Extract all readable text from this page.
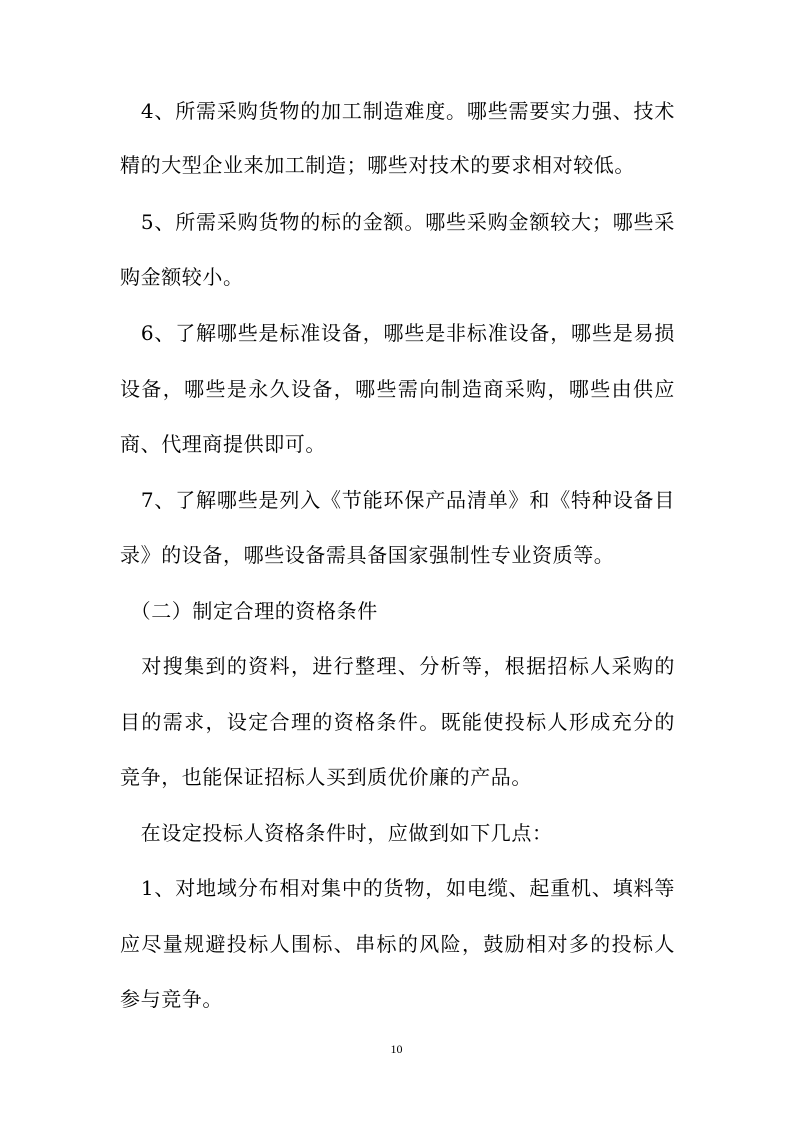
　4、所需采购货物的加工制造难度。哪些需要实力强、技术
精的大型企业来加工制造；哪些对技术的要求相对较低。
　5、所需采购货物的标的金额。哪些采购金额较大；哪些采
购金额较小。
　6、了解哪些是标准设备，哪些是非标准设备，哪些是易损
设备，哪些是永久设备，哪些需向制造商采购，哪些由供应
商、代理商提供即可。
　7、了解哪些是列入《节能环保产品清单》和《特种设备目
录》的设备，哪些设备需具备国家强制性专业资质等。
　（二）制定合理的资格条件
　对搜集到的资料，进行整理、分析等，根据招标人采购的
目的需求，设定合理的资格条件。既能使投标人形成充分的
竞争，也能保证招标人买到质优价廉的产品。
　在设定投标人资格条件时，应做到如下几点：
　1、对地域分布相对集中的货物，如电缆、起重机、填料等
应尽量规避投标人围标、串标的风险，鼓励相对多的投标人
参与竞争。
10
